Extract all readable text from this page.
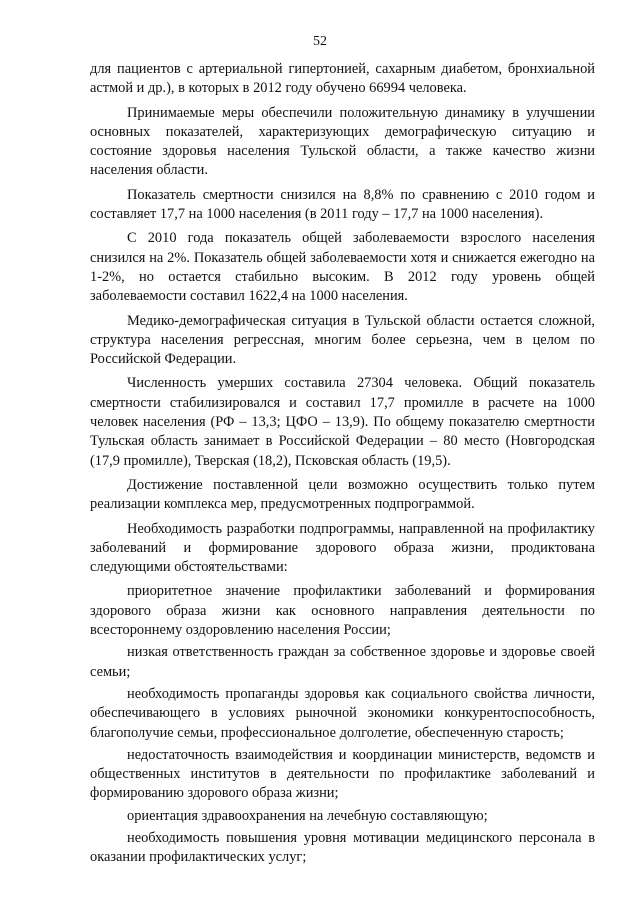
52

для пациентов с артериальной гипертонией, сахарным диабетом, бронхиальной астмой и др.), в которых в 2012 году обучено 66994 человека.

Принимаемые меры обеспечили положительную динамику в улучшении основных показателей, характеризующих демографическую ситуацию и состояние здоровья населения Тульской области, а также качество жизни населения области.

Показатель смертности снизился на 8,8% по сравнению с 2010 годом и составляет 17,7 на 1000 населения (в 2011 году – 17,7 на 1000 населения).

С 2010 года показатель общей заболеваемости взрослого населения снизился на 2%. Показатель общей заболеваемости хотя и снижается ежегодно на 1-2%, но остается стабильно высоким. В 2012 году уровень общей заболеваемости составил 1622,4 на 1000 населения.

Медико-демографическая ситуация в Тульской области остается сложной, структура населения регрессная, многим более серьезна, чем в целом по Российской Федерации.

Численность умерших составила 27304 человека. Общий показатель смертности стабилизировался и составил 17,7 промилле в расчете на 1000 человек населения (РФ – 13,3; ЦФО – 13,9). По общему показателю смертности Тульская область занимает в Российской Федерации – 80 место (Новгородская (17,9 промилле), Тверская (18,2), Псковская область (19,5).

Достижение поставленной цели возможно осуществить только путем реализации комплекса мер, предусмотренных подпрограммой.

Необходимость разработки подпрограммы, направленной на профилактику заболеваний и формирование здорового образа жизни, продиктована следующими обстоятельствами:

приоритетное значение профилактики заболеваний и формирования здорового образа жизни как основного направления деятельности по всестороннему оздоровлению населения России;

низкая ответственность граждан за собственное здоровье и здоровье своей семьи;

необходимость пропаганды здоровья как социального свойства личности, обеспечивающего в условиях рыночной экономики конкурентоспособность, благополучие семьи, профессиональное долголетие, обеспеченную старость;

недостаточность взаимодействия и координации министерств, ведомств и общественных институтов в деятельности по профилактике заболеваний и формированию здорового образа жизни;

ориентация здравоохранения на лечебную составляющую;

необходимость повышения уровня мотивации медицинского персонала в оказании профилактических услуг;
